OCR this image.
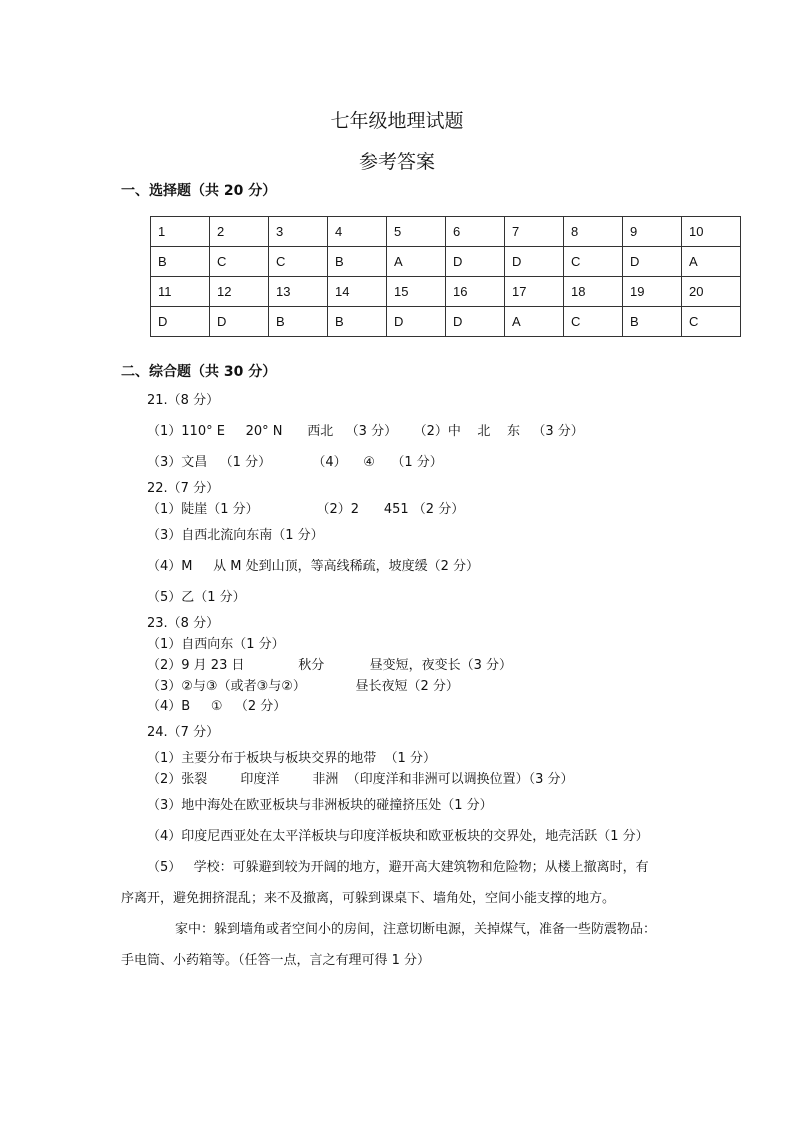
七年级地理试题
参考答案
一、选择题（共 20 分）
1	2	3	4	5	6	7	8	9	10
B	C	C	B	A	D	D	C	D	A
11	12	13	14	15	16	17	18	19	20
D	D	B	B	D	D	A	C	B	C
二、综合题（共 30 分）
21.（8 分）
（1）110° E     20° N      西北   （3 分）    （2）中    北    东   （3 分）
（3）文昌   （1 分）          （4）    ④    （1 分）
22.（7 分）
（1）陡崖（1 分）              （2）2      451 （2 分）
（3）自西北流向东南（1 分）
（4）M     从 M 处到山顶，等高线稀疏，坡度缓（2 分）
（5）乙（1 分）
23.（8 分）
（1）自西向东（1 分）
（2）9 月 23 日             秋分           昼变短，夜变长（3 分）
（3）②与③（或者③与②）            昼长夜短（2 分）
（4）B     ①   （2 分）
24.（7 分）
（1）主要分布于板块与板块交界的地带  （1 分）
（2）张裂        印度洋        非洲  （印度洋和非洲可以调换位置）（3 分）
（3）地中海处在欧亚板块与非洲板块的碰撞挤压处（1 分）
（4）印度尼西亚处在太平洋板块与印度洋板块和欧亚板块的交界处，地壳活跃（1 分）
（5）   学校：可躲避到较为开阔的地方，避开高大建筑物和危险物；从楼上撤离时，有
序离开，避免拥挤混乱；来不及撤离，可躲到课桌下、墙角处，空间小能支撑的地方。
家中：躲到墙角或者空间小的房间，注意切断电源，关掉煤气，准备一些防震物品：
手电筒、小药箱等。（任答一点，言之有理可得 1 分）
